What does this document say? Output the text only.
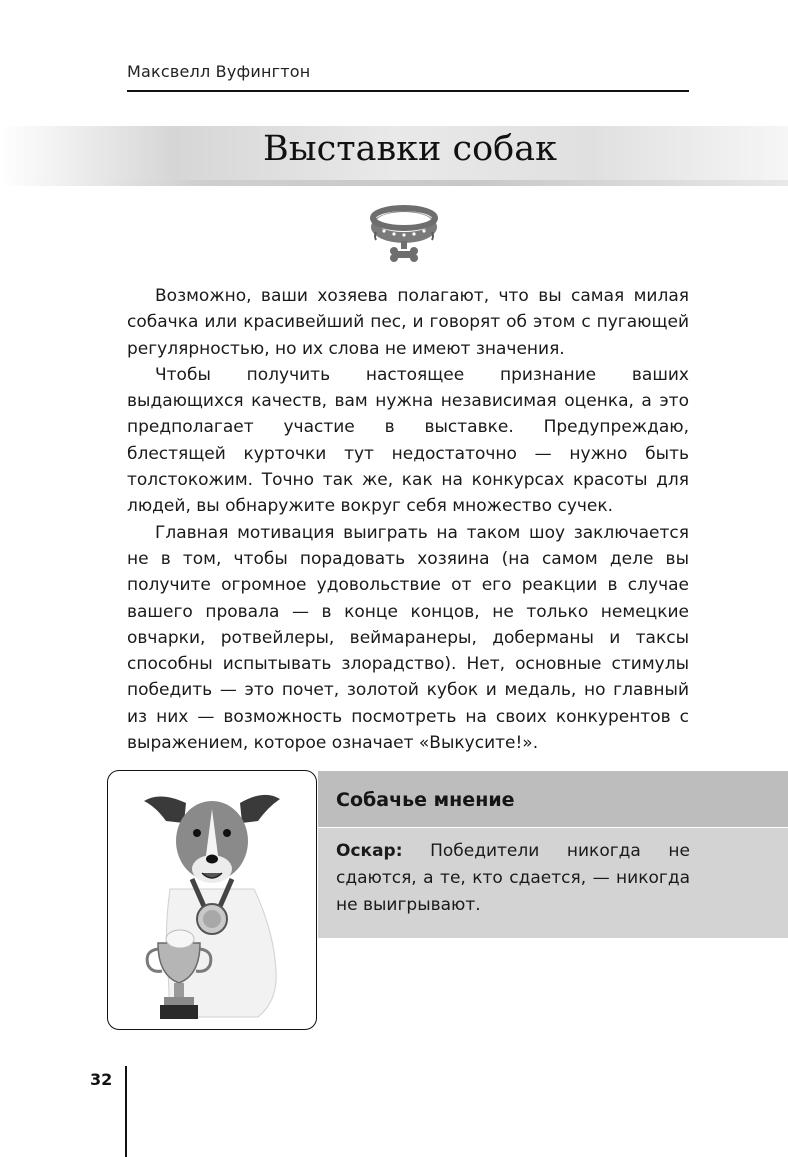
Максвелл Вуфингтон
Выставки собак

Возможно, ваши хозяева полагают, что вы самая милая собачка или красивейший пес, и говорят об этом с пугающей регулярностью, но их слова не имеют значения.

Чтобы получить настоящее признание ваших выдающихся качеств, вам нужна независимая оценка, а это предполагает участие в выставке. Предупреждаю, блестящей курточки тут недостаточно — нужно быть толстокожим. Точно так же, как на конкурсах красоты для людей, вы обнаружите вокруг себя множество сучек.

Главная мотивация выиграть на таком шоу заключается не в том, чтобы порадовать хозяина (на самом деле вы получите огромное удовольствие от его реакции в случае вашего провала — в конце концов, не только немецкие овчарки, ротвейлеры, веймаранеры, доберманы и таксы способны испытывать злорадство). Нет, основные стимулы победить — это почет, золотой кубок и медаль, но главный из них — возможность посмотреть на своих конкурентов с выражением, которое означает «Выкусите!».

Собачье мнение
Оскар: Победители никогда не сдаются, а те, кто сдается, — никогда не выигрывают.
32
